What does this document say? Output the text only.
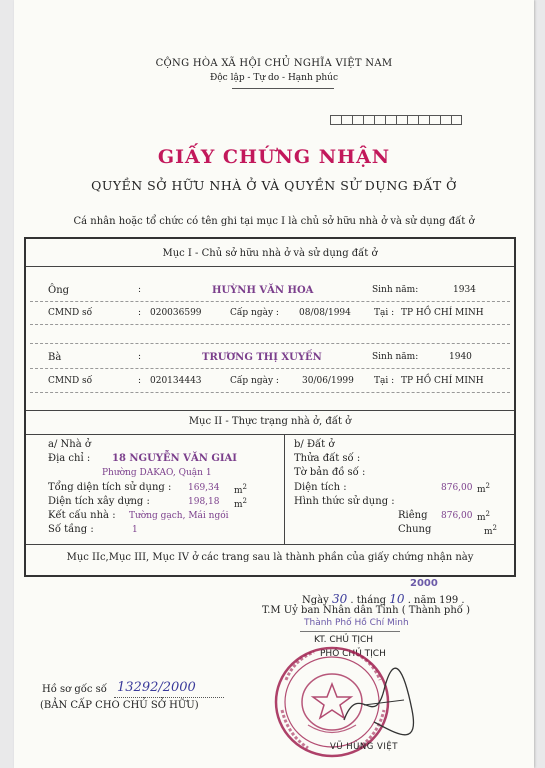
CỘNG HÒA XÃ HỘI CHỦ NGHĨA VIỆT NAM
Độc lập - Tự do - Hạnh phúc
GIẤY CHỨNG NHẬN
QUYỀN SỞ HỮU NHÀ Ở VÀ QUYỀN SỬ DỤNG ĐẤT Ở
Cá nhân hoặc tổ chức có tên ghi tại mục I là chủ sở hữu nhà ở và sử dụng đất ở
Mục I - Chủ sở hữu nhà ở và sử dụng đất ở
Ông	:	HUỲNH VĂN HOA	Sinh năm:	1934
CMND số	: 020036599	Cấp ngày : 08/08/1994	Tại : TP HỒ CHÍ MINH
Bà	:	TRƯƠNG THỊ XUYẾN	Sinh năm:	1940
CMND số	: 020134443	Cấp ngày :	30/06/1999 Tại : TP HỒ CHÍ MINH
Mục II - Thực trạng nhà ở, đất ở
a/ Nhà ở
Địa chỉ : 18 NGUYỄN VĂN GIAI
Phường DAKAO, Quận 1
Tổng diện tích sử dụng : 169,34 $m^2$
Diện tích xây dựng :	198,18 $m^2$
Kết cấu nhà : Tường gạch, Mái ngói
Số tầng :	1
b/ Đất ở
Thửa đất số :
Tờ bản đồ số :
Diện tích :	876,00 $m^2$
Hình thức sử dụng :
Riêng 876,00 $m^2$
Chung	$m^2$
Mục IIc,Mục III, Mục IV ở các trang sau là thành phần của giấy chứng nhận này
Ngày 30 . tháng 10 . năm 199 .
2000
T.M Uỷ ban Nhân dân Tỉnh ( Thành phố )
Thành Phố Hồ Chí Minh
KT. CHỦ TỊCH
PHÓ CHỦ TỊCH
VŨ HÙNG VIỆT
Hồ sơ gốc số 13292/2000
(BẢN CẤP CHO CHỦ SỞ HỮU)
